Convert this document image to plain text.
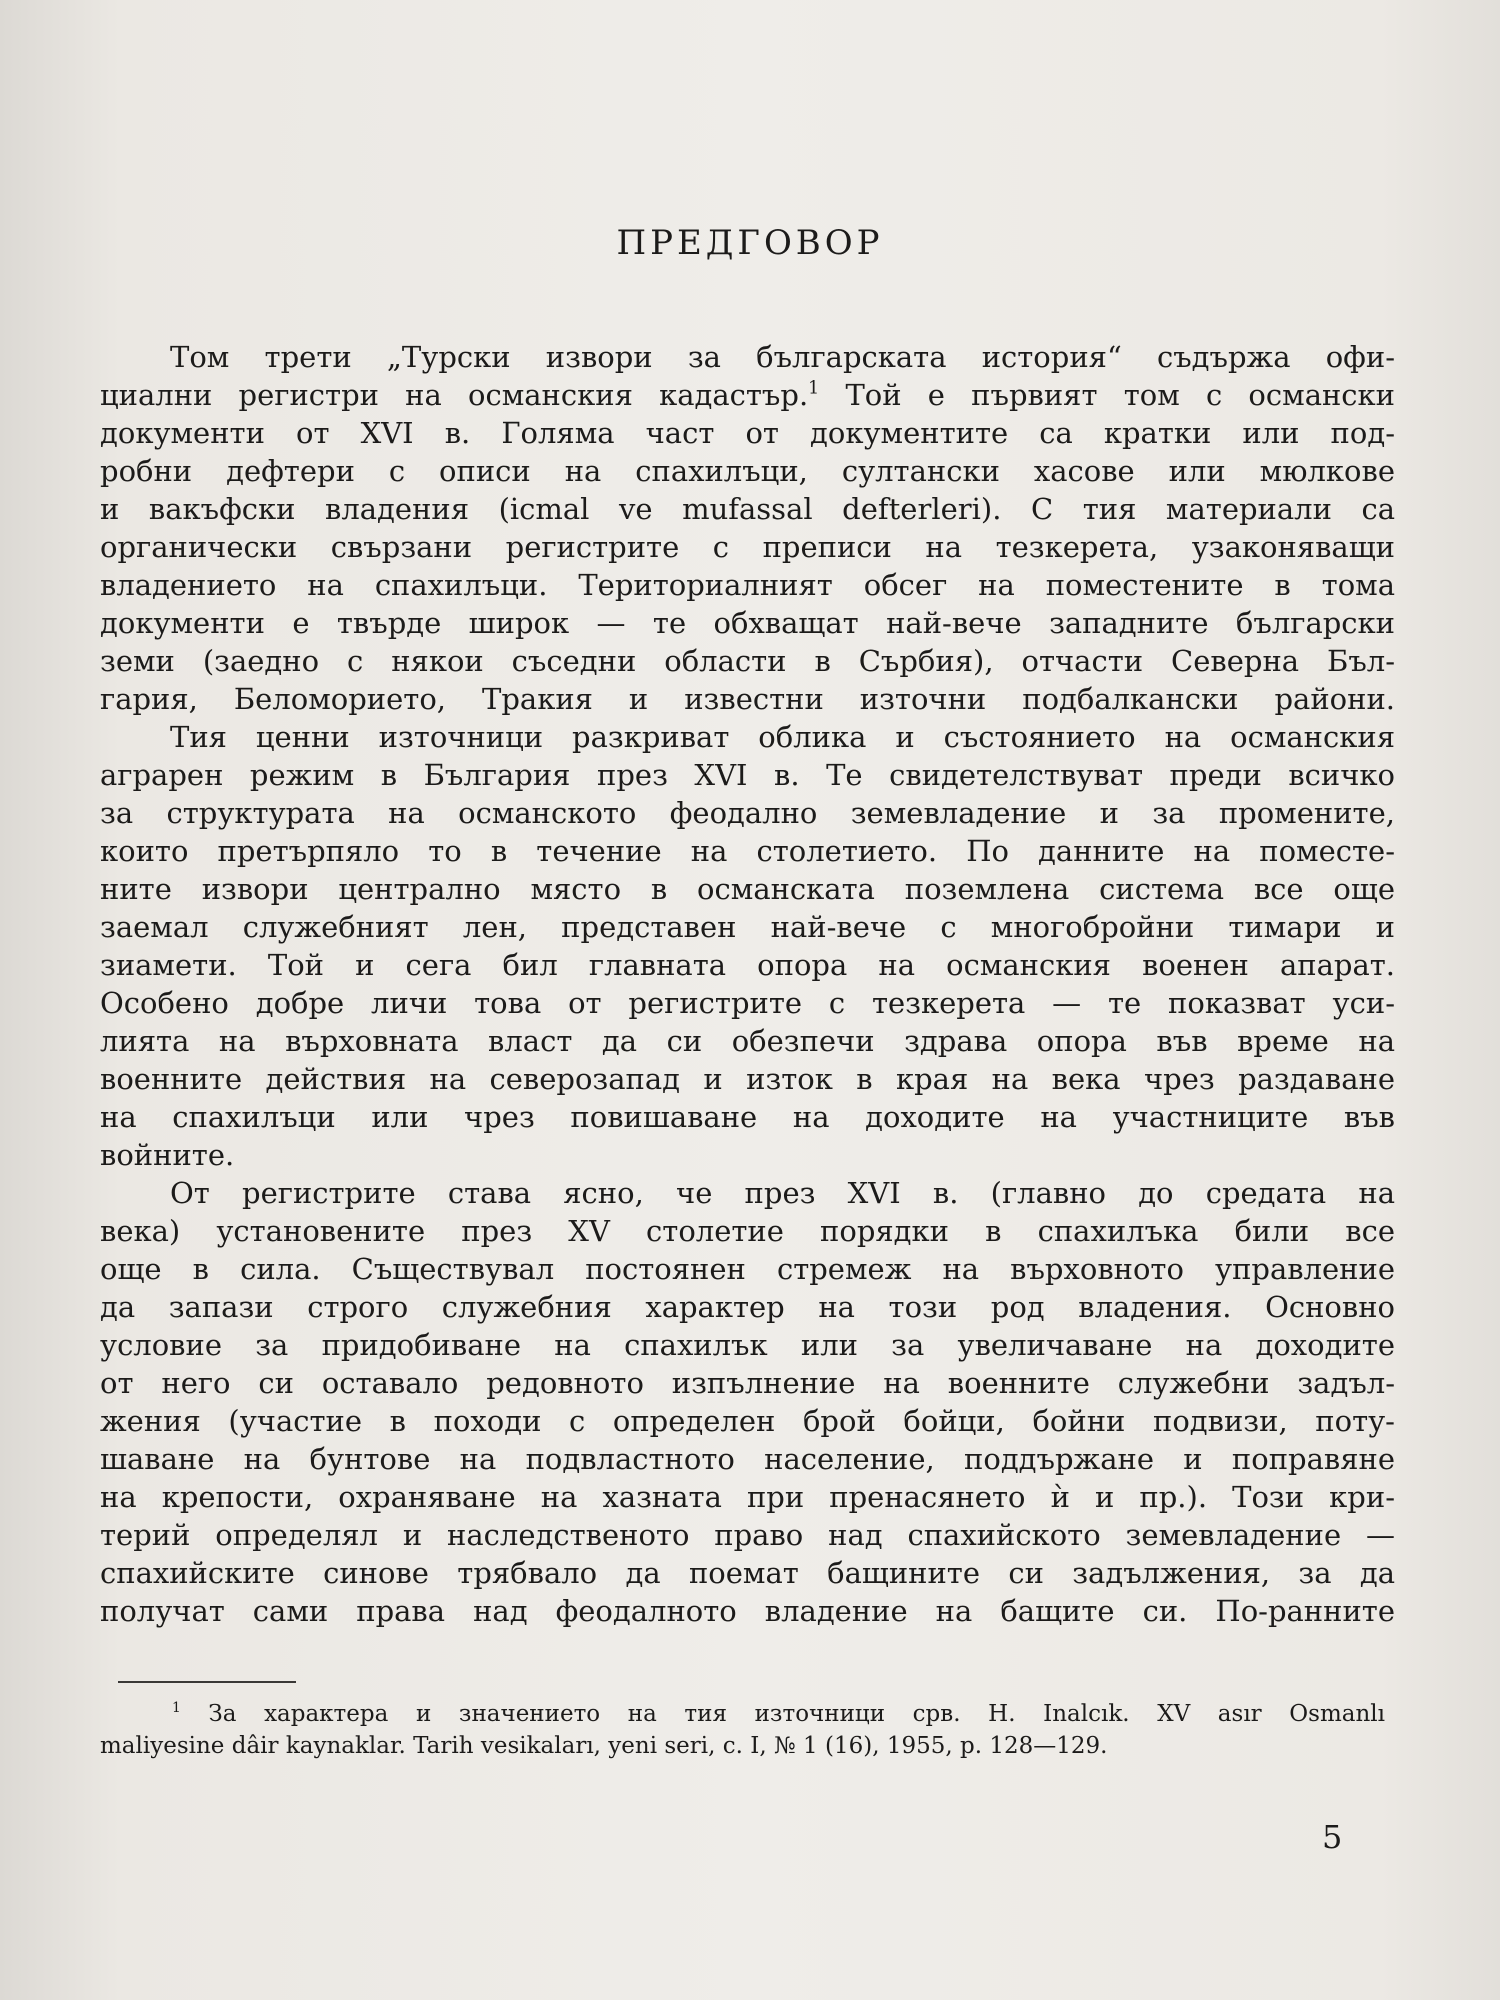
ПРЕДГОВОР
Том трети „Турски извори за българската история“ съдържа офи-
циални регистри на османския кадастър.$^1$ Той е първият том с османски
документи от XVI в. Голяма част от документите са кратки или под-
робни дефтери с описи на спахилъци, султански хасове или мюлкове
и вакъфски владения (icmal ve mufassal defterleri). С тия материали са
органически свързани регистрите с преписи на тезкерета, узаконяващи
владението на спахилъци. Териториалният обсег на поместените в тома
документи е твърде широк — те обхващат най-вече западните български
земи (заедно с някои съседни области в Сърбия), отчасти Северна Бъл-
гария, Беломорието, Тракия и известни източни подбалкански райони.
Тия ценни източници разкриват облика и състоянието на османския
аграрен режим в България през XVI в. Те свидетелствуват преди всичко
за структурата на османското феодално земевладение и за промените,
които претърпяло то в течение на столетието. По данните на поместе-
ните извори централно място в османската поземлена система все още
заемал служебният лен, представен най-вече с многобройни тимари и
зиамети. Той и сега бил главната опора на османския военен апарат.
Особено добре личи това от регистрите с тезкерета — те показват уси-
лията на върховната власт да си обезпечи здрава опора във време на
военните действия на северозапад и изток в края на века чрез раздаване
на спахилъци или чрез повишаване на доходите на участниците във
войните.
От регистрите става ясно, че през XVI в. (главно до средата на
века) установените през XV столетие порядки в спахилъка били все
още в сила. Съществувал постоянен стремеж на върховното управление
да запази строго служебния характер на този род владения. Основно
условие за придобиване на спахилък или за увеличаване на доходите
от него си оставало редовното изпълнение на военните служебни задъл-
жения (участие в походи с определен брой бойци, бойни подвизи, поту-
шаване на бунтове на подвластното население, поддържане и поправяне
на крепости, охраняване на хазната при пренасянето ѝ и пр.). Този кри-
терий определял и наследственото право над спахийското земевладение —
спахийските синове трябвало да поемат бащините си задължения, за да
получат сами права над феодалното владение на бащите си. По-ранните
$^1$ За характера и значението на тия източници срв. H. Inalcık. XV asır Osmanlı
maliyesine dâir kaynaklar. Tarih vesikaları, yeni seri, c. I, № 1 (16), 1955, p. 128—129.
5
